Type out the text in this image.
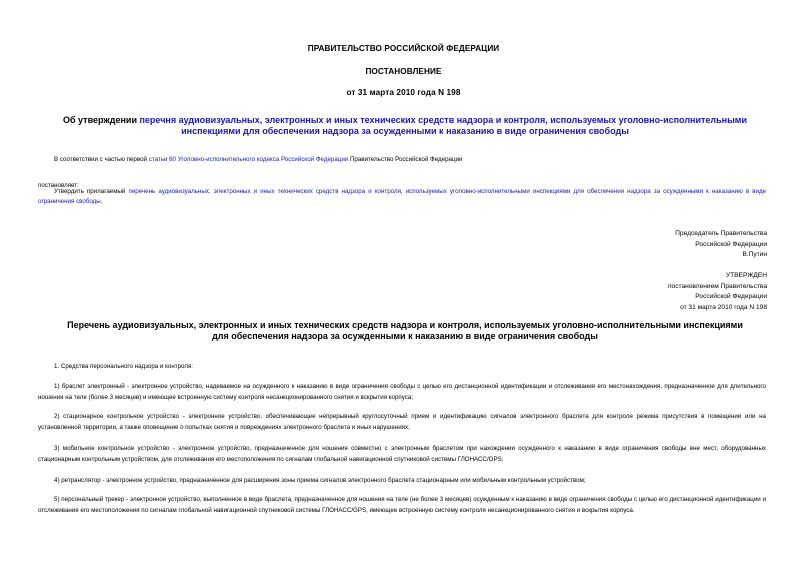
ПРАВИТЕЛЬСТВО РОССИЙСКОЙ ФЕДЕРАЦИИ
ПОСТАНОВЛЕНИЕ
от 31 марта 2010 года N 198
Об утверждении перечня аудиовизуальных, электронных и иных технических средств надзора и контроля, используемых уголовно-исполнительными инспекциями для обеспечения надзора за осужденными к наказанию в виде ограничения свободы
В соответствии с частью первой статьи 60 Уголовно-исполнительного кодекса Российской Федерации Правительство Российской Федерации
постановляет:
Утвердить прилагаемый перечень аудиовизуальных, электронных и иных технических средств надзора и контроля, используемых уголовно-исполнительными инспекциями для обеспечения надзора за осужденными к наказанию в виде ограничения свободы.
Председатель Правительства
Российской Федерации
В.Путин
УТВЕРЖДЕН
постановлением Правительства
Российской Федерации
от 31 марта 2010 года N 198
Перечень аудиовизуальных, электронных и иных технических средств надзора и контроля, используемых уголовно-исполнительными инспекциями для обеспечения надзора за осужденными к наказанию в виде ограничения свободы
1. Средства персонального надзора и контроля:
1) браслет электронный - электронное устройство, надеваемое на осужденного к наказанию в виде ограничения свободы с целью его дистанционной идентификации и отслеживания его местонахождения, предназначенное для длительного ношения на теле (более 3 месяцев) и имеющее встроенную систему контроля несанкционированного снятия и вскрытия корпуса;
2) стационарное контрольное устройство - электронное устройство, обеспечивающее непрерывный круглосуточный прием и идентификацию сигналов электронного браслета для контроля режима присутствия в помещении или на установленной территории, а также оповещение о попытках снятия и повреждениях электронного браслета и иных нарушениях;
3) мобильное контрольное устройство - электронное устройство, предназначенное для ношения совместно с электронным браслетом при нахождении осужденного к наказанию в виде ограничения свободы вне мест, оборудованных стационарным контрольным устройством, для отслеживания его местоположения по сигналам глобальной навигационной спутниковой системы ГЛОНАСС/GPS;
4) ретранслятор - электронное устройство, предназначенное для расширения зоны приема сигналов электронного браслета стационарным или мобильным контрольным устройством;
5) персональный трекер - электронное устройство, выполненное в виде браслета, предназначенное для ношения на теле (не более 3 месяцев) осужденным к наказанию в виде ограничения свободы с целью его дистанционной идентификации и отслеживания его местоположения по сигналам глобальной навигационной спутниковой системы ГЛОНАСС/GPS, имеющее встроенную систему контроля несанкционированного снятия и вскрытия корпуса.
